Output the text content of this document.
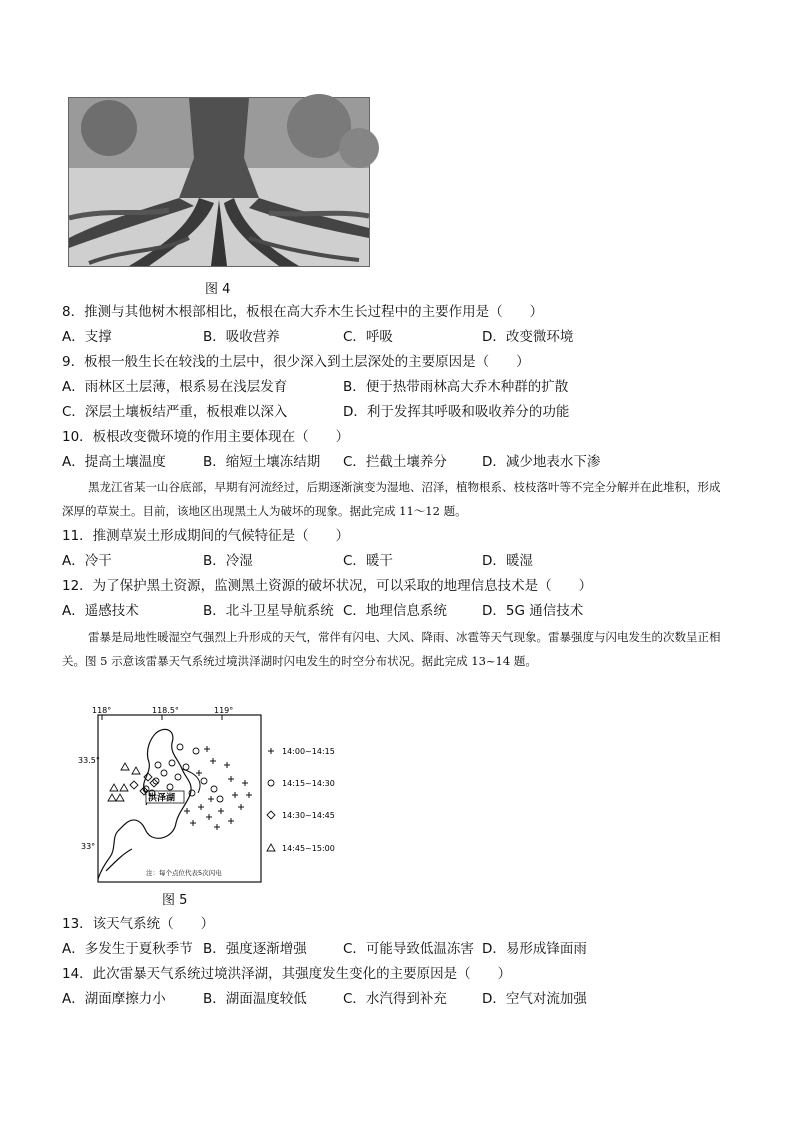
图 4
8．推测与其他树木根部相比，板根在高大乔木生长过程中的主要作用是（　　）
A．支撑	B．吸收营养	C．呼吸	D．改变微环境
9．板根一般生长在较浅的土层中，很少深入到土层深处的主要原因是（　　）
A．雨林区土层薄，根系易在浅层发育	B．便于热带雨林高大乔木种群的扩散
C．深层土壤板结严重，板根难以深入	D．利于发挥其呼吸和吸收养分的功能
10．板根改变微环境的作用主要体现在（　　）
A．提高土壤温度	B．缩短土壤冻结期 C．拦截土壤养分	D．减少地表水下渗
黑龙江省某一山谷底部，早期有河流经过，后期逐渐演变为湿地、沼泽，植物根系、枝枝落叶等不完全分解并在此堆积，形成深厚的草炭土。目前，该地区出现黑土人为破坏的现象。据此完成 11～12 题。
11．推测草炭土形成期间的气候特征是（　　）
A．冷干	B．冷湿	C．暖干	D．暖湿
12．为了保护黑土资源，监测黑土资源的破坏状况，可以采取的地理信息技术是（　　）
A．遥感技术	B．北斗卫星导航系统 C．地理信息系统	D．5G 通信技术
雷暴是局地性暖湿空气强烈上升形成的天气，常伴有闪电、大风、降雨、冰雹等天气现象。雷暴强度与闪电发生的次数呈正相关。图 5 示意该雷暴天气系统过境洪泽湖时闪电发生的时空分布状况。据此完成 13~14 题。
118°	118.5°	119°
33.5°
33°
洪泽湖
注：每个点位代表5次闪电
14:00~14:15
14:15~14:30
14:30~14:45
14:45~15:00
图 5
13．该天气系统（　　）
A．多发生于夏秋季节 B．强度逐渐增强	C．可能导致低温冻害 D．易形成锋面雨
14．此次雷暴天气系统过境洪泽湖，其强度发生变化的主要原因是（　　）
A．湖面摩擦力小	B．湖面温度较低	C．水汽得到补充	D．空气对流加强
